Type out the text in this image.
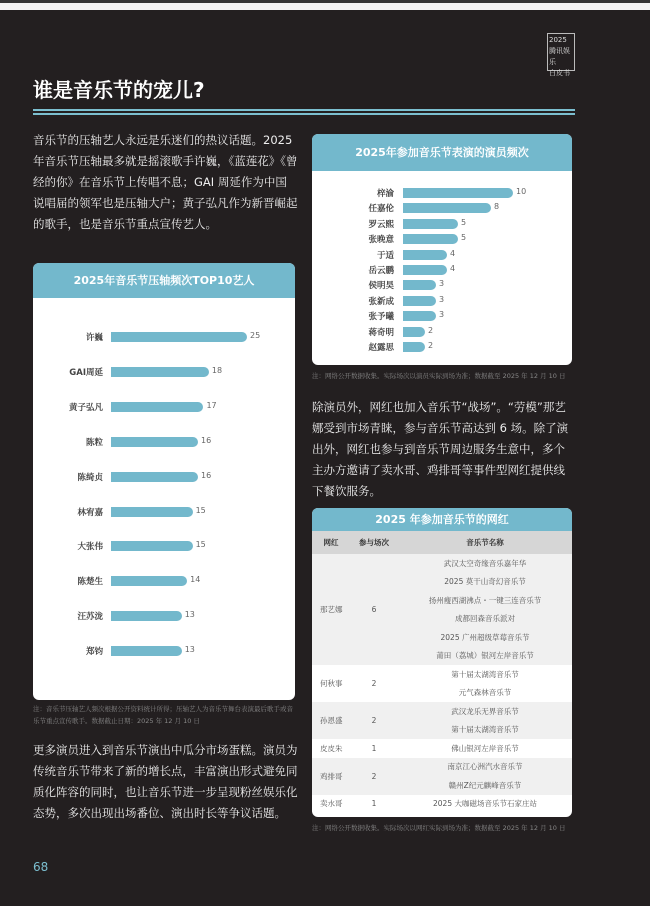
2025
腾讯娱乐
白皮书
谁是音乐节的宠儿?
音乐节的压轴艺人永远是乐迷们的热议话题。2025 年音乐节压轴最多就是摇滚歌手许巍，《蓝莲花》《曾经的你》在音乐节上传唱不息；GAI 周延作为中国说唱届的领军也是压轴大户；黄子弘凡作为新晋崛起的歌手，也是音乐节重点宣传艺人。
2025年音乐节压轴频次TOP10艺人
许巍	25
GAI周延	18
黄子弘凡	17
陈粒	16
陈绮贞	16
林宥嘉	15
大张伟	15
陈楚生	14
汪苏泷	13
郑钧	13
注：音乐节压轴艺人频次根据公开资料统计所得；压轴艺人为音乐节舞台表演最后歌手或音乐节重点宣传歌手。数据截止日期：2025 年 12 月 10 日
更多演员进入到音乐节演出中瓜分市场蛋糕。演员为传统音乐节带来了新的增长点，丰富演出形式避免同质化阵容的同时，也让音乐节进一步呈现粉丝娱乐化态势，多次出现出场番位、演出时长等争议话题。
2025年参加音乐节表演的演员频次
梓渝	10
任嘉伦	8
罗云熙	5
张晚意	5
于适	4
岳云鹏	4
侯明昊	3
张新成	3
张予曦	3
蒋奇明	2
赵露思	2
注：网络公开数据收集。实际场次以演员实际到场为准；数据截至 2025 年 12 月 10 日
除演员外，网红也加入音乐节“战场”。“劳模”那艺娜受到市场青睐，参与音乐节高达到 6 场。除了演出外，网红也参与到音乐节周边服务生意中，多个主办方邀请了卖水哥、鸡排哥等事件型网红提供线下餐饮服务。
2025 年参加音乐节的网红
网红	参与场次	音乐节名称
那艺娜	6	武汉太空奇缘音乐嘉年华
		2025 莫干山奇幻音乐节
		扬州瘦西湖沸点・一键三连音乐节
		成都回森音乐派对
		2025 广州超级草莓音乐节
		莆田（荔城）银河左岸音乐节
何秋事	2	第十届太湖湾音乐节
		元气森林音乐节
孙恩盛	2	武汉龙乐无界音乐节
		第十届太湖湾音乐节
皮皮朱	1	佛山银河左岸音乐节
鸡排哥	2	南京江心洲汽水音乐节
		赣州Z纪元麒峰音乐节
卖水哥	1	2025 大咖磁场音乐节石家庄站
注：网络公开数据收集。实际场次以网红实际到场为准；数据截至 2025 年 12 月 10 日
68
